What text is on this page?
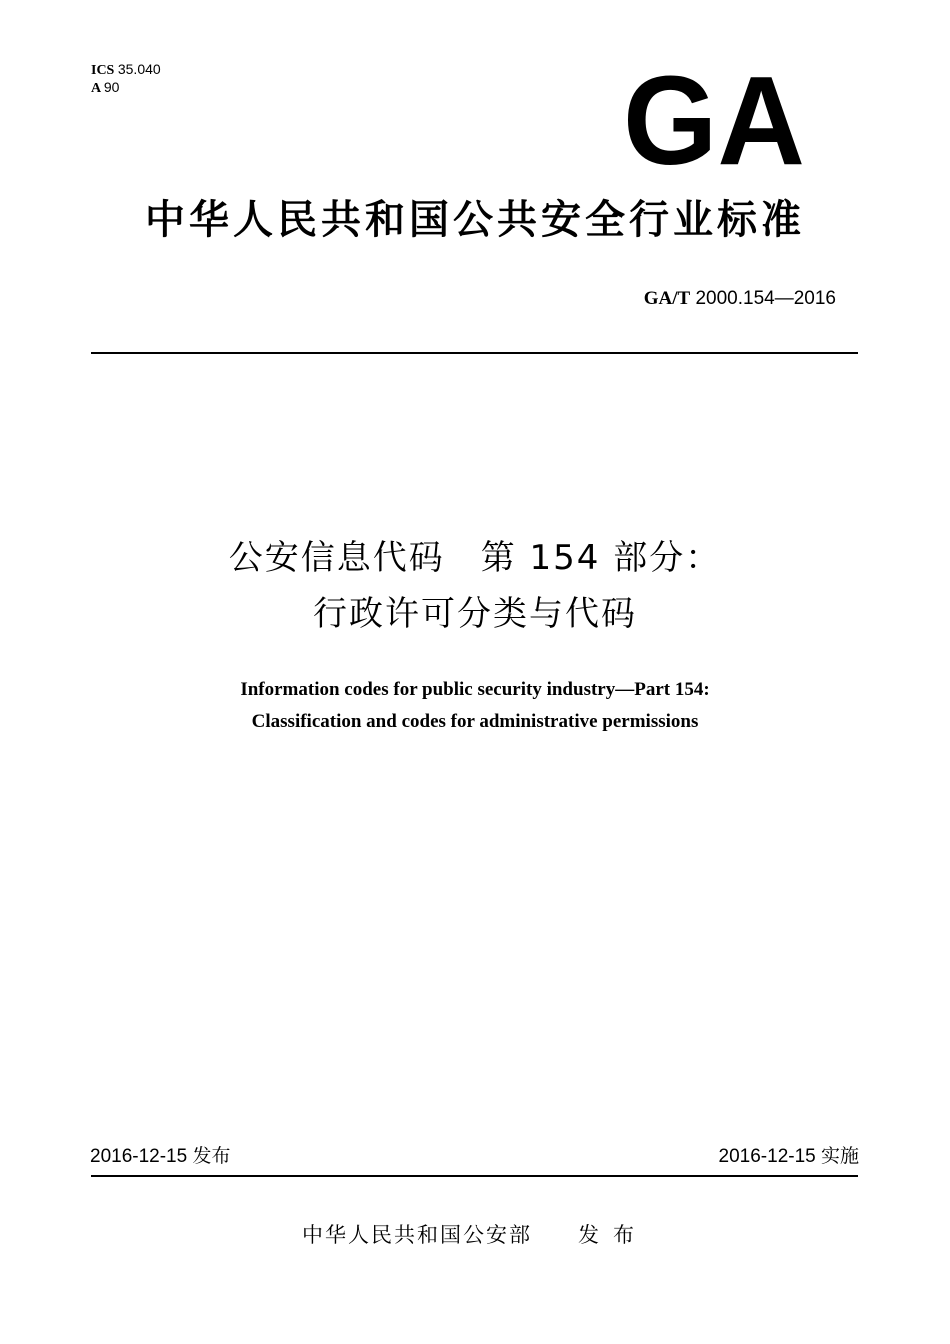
ICS 35.040
A 90	GA
中华人民共和国公共安全行业标准
GA/T 2000.154—2016
公安信息代码　第 154 部分：
行政许可分类与代码
Information codes for public security industry—Part 154:
Classification and codes for administrative permissions
2016-12-15 发布	2016-12-15 实施
中华人民共和国公安部 发布
